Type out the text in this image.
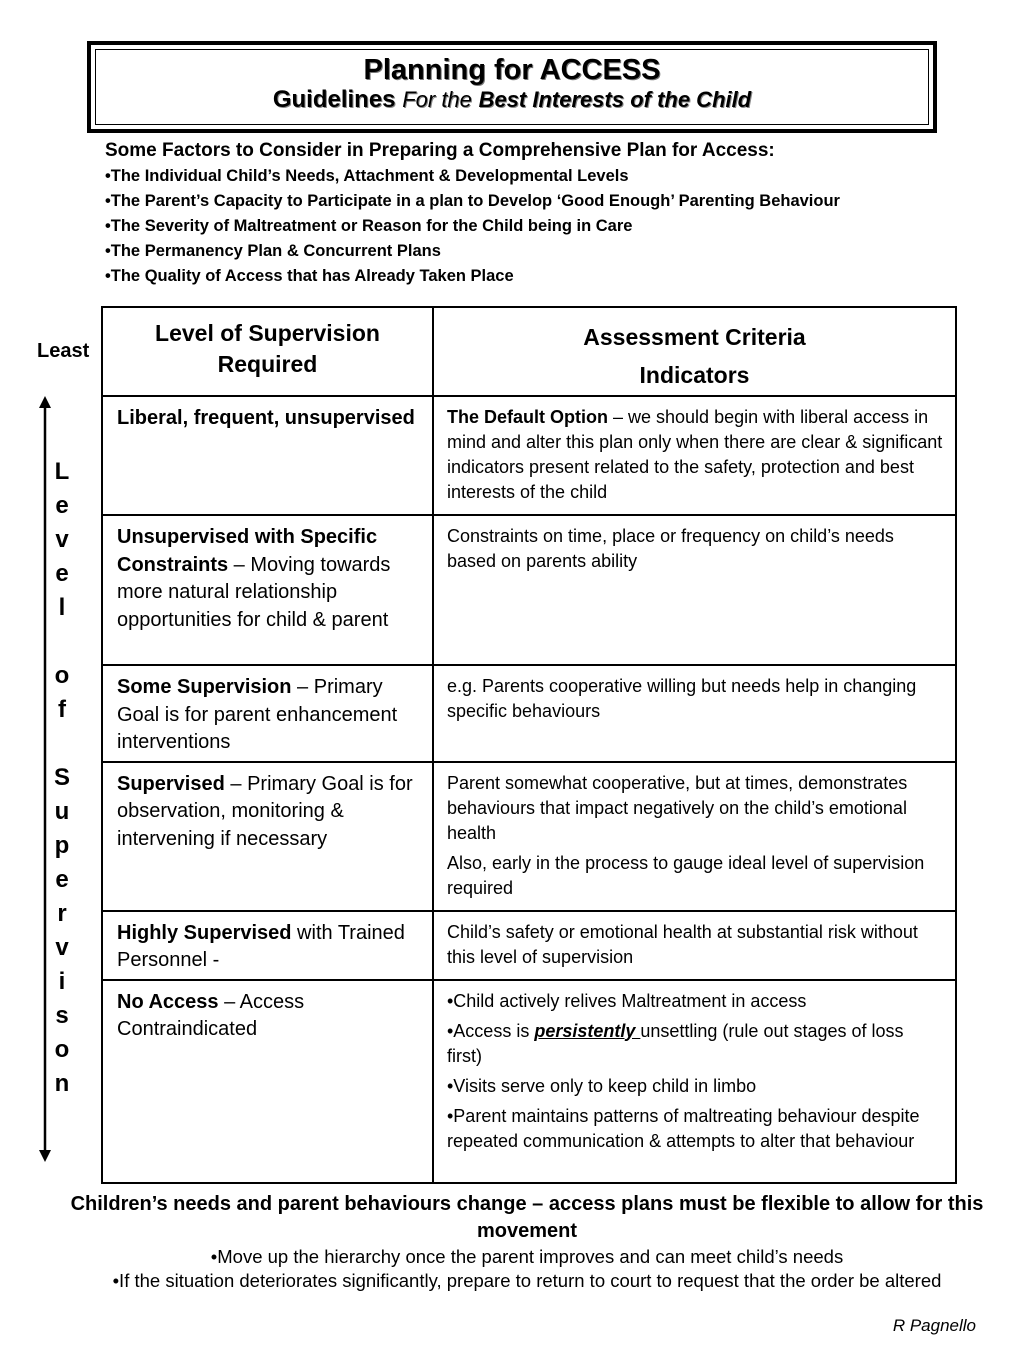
Planning for ACCESS
Guidelines For the Best Interests of the Child
Some Factors to Consider in Preparing a Comprehensive Plan for Access:
•The Individual Child’s Needs, Attachment & Developmental Levels
•The Parent’s Capacity to Participate in a plan to Develop ‘Good Enough’ Parenting Behaviour
•The Severity of Maltreatment or Reason for the Child being in Care
•The Permanency Plan & Concurrent Plans
•The Quality of Access that has Already Taken Place
Least
L
e
v
e
l
o
f
S
u
p
e
r
v
i
s
o
n
Level of Supervision Required	Assessment Criteria
Indicators

Liberal, frequent, unsupervised	The Default Option – we should begin with liberal access in mind and alter this plan only when there are clear & significant indicators present related to the safety, protection and best interests of the child

Unsupervised with Specific Constraints – Moving towards more natural relationship opportunities for child & parent	Constraints on time, place or frequency on child’s needs based on parents ability

Some Supervision – Primary Goal is for parent enhancement interventions	e.g. Parents cooperative willing but needs help in changing specific behaviours

Supervised – Primary Goal is for observation, monitoring & intervening if necessary	Parent somewhat cooperative, but at times, demonstrates behaviours that impact negatively on the child’s emotional health

Also, early in the process to gauge ideal level of supervision required

Highly Supervised with Trained Personnel -	Child’s safety or emotional health at substantial risk without this level of supervision

No Access – Access Contraindicated	•Child actively relives Maltreatment in access

•Access is persistently unsettling (rule out stages of loss first)

•Visits serve only to keep child in limbo

•Parent maintains patterns of maltreating behaviour despite repeated communication & attempts to alter that behaviour

Children’s needs and parent behaviours change – access plans must be flexible to allow for this movement
•Move up the hierarchy once the parent improves and can meet child’s needs
•If the situation deteriorates significantly, prepare to return to court to request that the order be altered
R Pagnello
